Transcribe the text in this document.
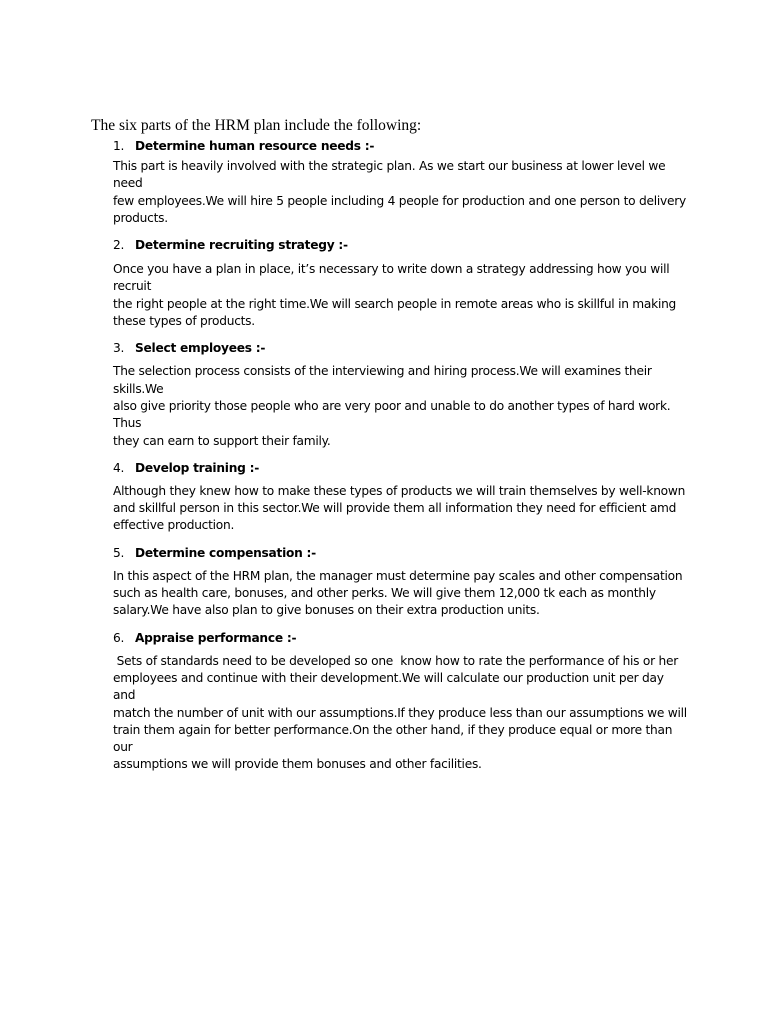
The six parts of the HRM plan include the following:
1. Determine human resource needs :-
This part is heavily involved with the strategic plan. As we start our business at lower level we need
few employees.We will hire 5 people including 4 people for production and one person to delivery
products.
2. Determine recruiting strategy :-
Once you have a plan in place, it’s necessary to write down a strategy addressing how you will recruit
the right people at the right time.We will search people in remote areas who is skillful in making
these types of products.
3. Select employees :-
The selection process consists of the interviewing and hiring process.We will examines their skills.We
also give priority those people who are very poor and unable to do another types of hard work. Thus
they can earn to support their family.
4. Develop training :-
Although they knew how to make these types of products we will train themselves by well-known
and skillful person in this sector.We will provide them all information they need for efficient amd
effective production.
5. Determine compensation :-
In this aspect of the HRM plan, the manager must determine pay scales and other compensation
such as health care, bonuses, and other perks. We will give them 12,000 tk each as monthly
salary.We have also plan to give bonuses on their extra production units.
6. Appraise performance :-
Sets of standards need to be developed so one  know how to rate the performance of his or her
employees and continue with their development.We will calculate our production unit per day and
match the number of unit with our assumptions.If they produce less than our assumptions we will
train them again for better performance.On the other hand, if they produce equal or more than our
assumptions we will provide them bonuses and other facilities.
